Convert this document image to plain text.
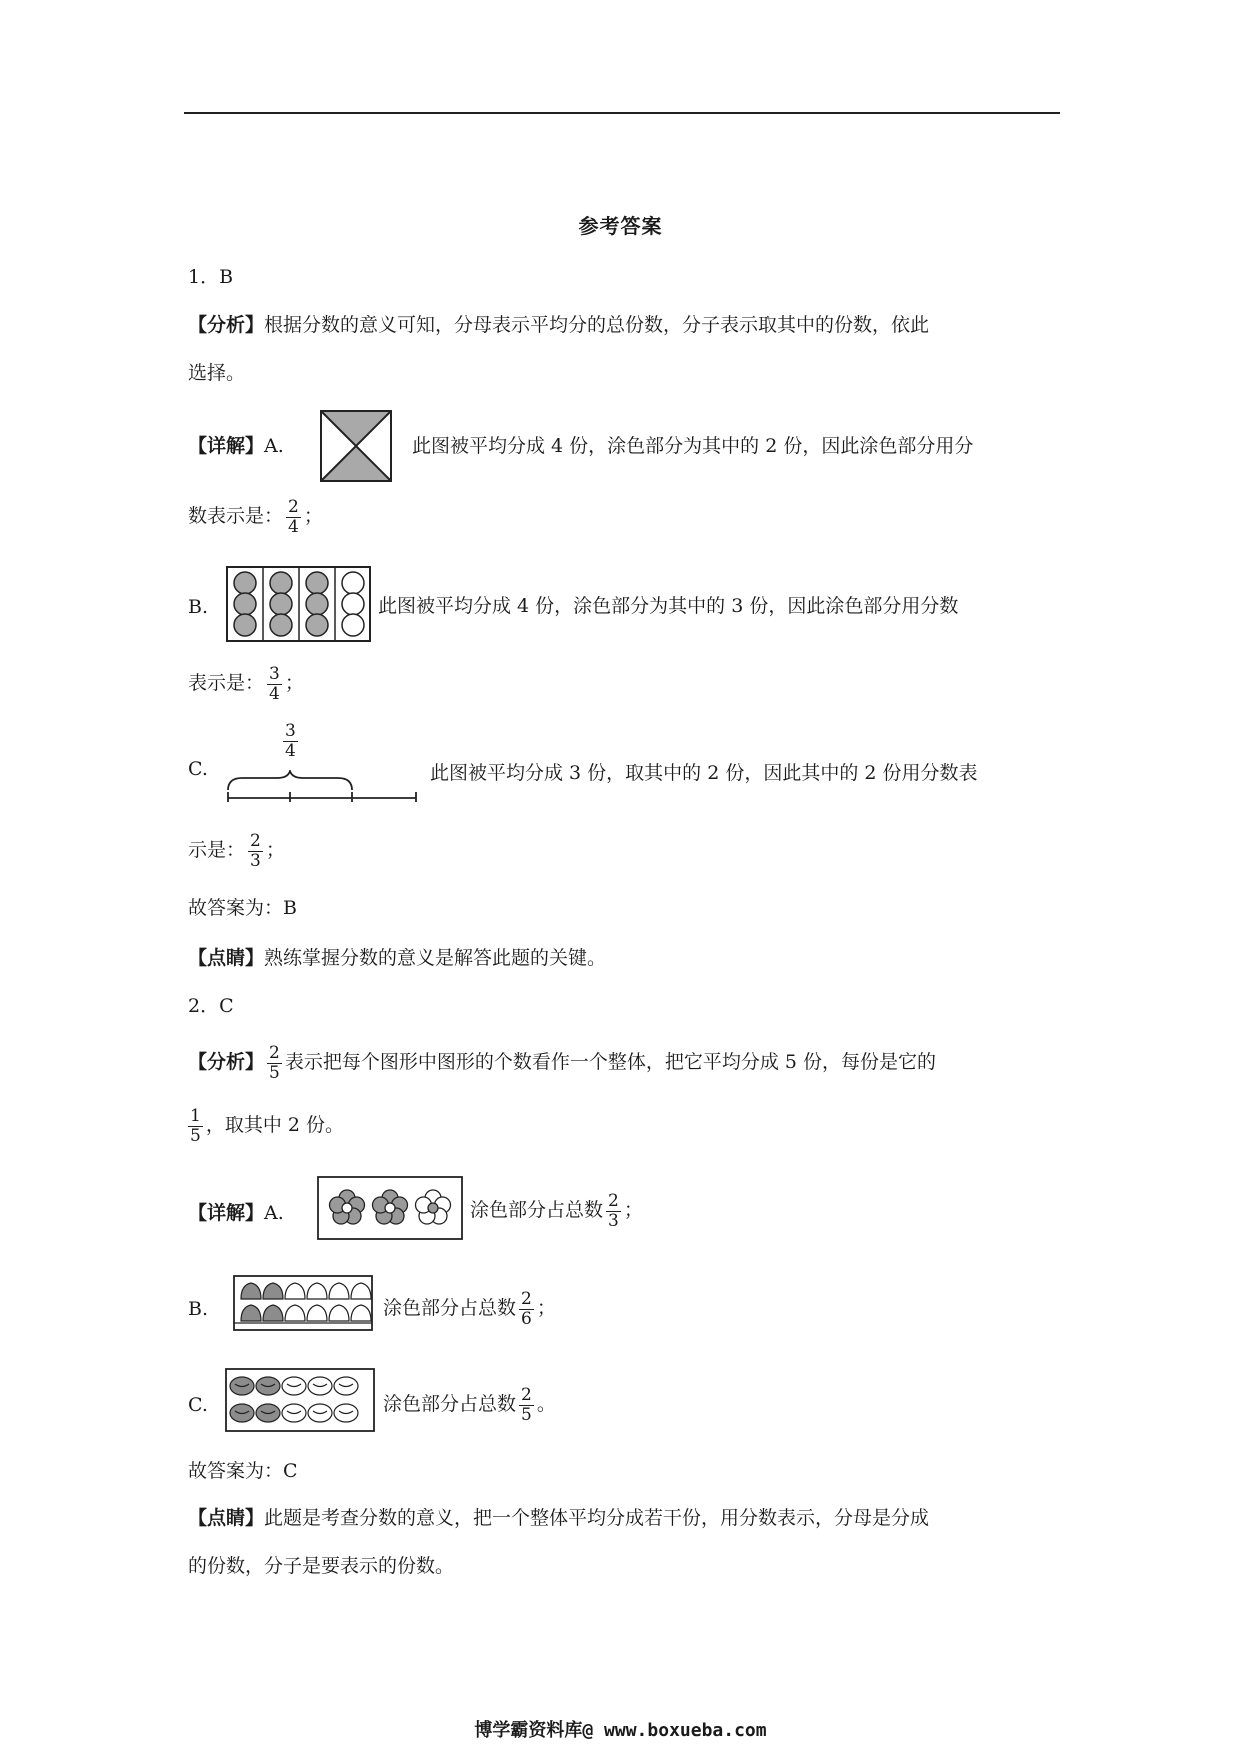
参考答案
1．B
【分析】根据分数的意义可知，分母表示平均分的总份数，分子表示取其中的份数，依此
选择。
【详解】A.	此图被平均分成 4 份，涂色部分为其中的 2 份，因此涂色部分用分
数表示是： $\frac{2}{4}$ ；
B.	此图被平均分成 4 份，涂色部分为其中的 3 份，因此涂色部分用分数
表示是： $\frac{3}{4}$ ；
C.
$\frac{3}{4}$
此图被平均分成 3 份，取其中的 2 份，因此其中的 2 份用分数表
示是： $\frac{2}{3}$ ；
故答案为：B
【点睛】熟练掌握分数的意义是解答此题的关键。
2．C
【分析】 $\frac{2}{5}$ 表示把每个图形中图形的个数看作一个整体，把它平均分成 5 份，每份是它的
$\frac{1}{5}$ ，取其中 2 份。
【详解】A.	涂色部分占总数 $\frac{2}{3}$ ；
B.	涂色部分占总数 $\frac{2}{6}$ ；
C.	涂色部分占总数 $\frac{2}{5}$ 。
故答案为：C
【点睛】此题是考查分数的意义，把一个整体平均分成若干份，用分数表示，分母是分成
的份数，分子是要表示的份数。
博学霸资料库@ www.boxueba.com
